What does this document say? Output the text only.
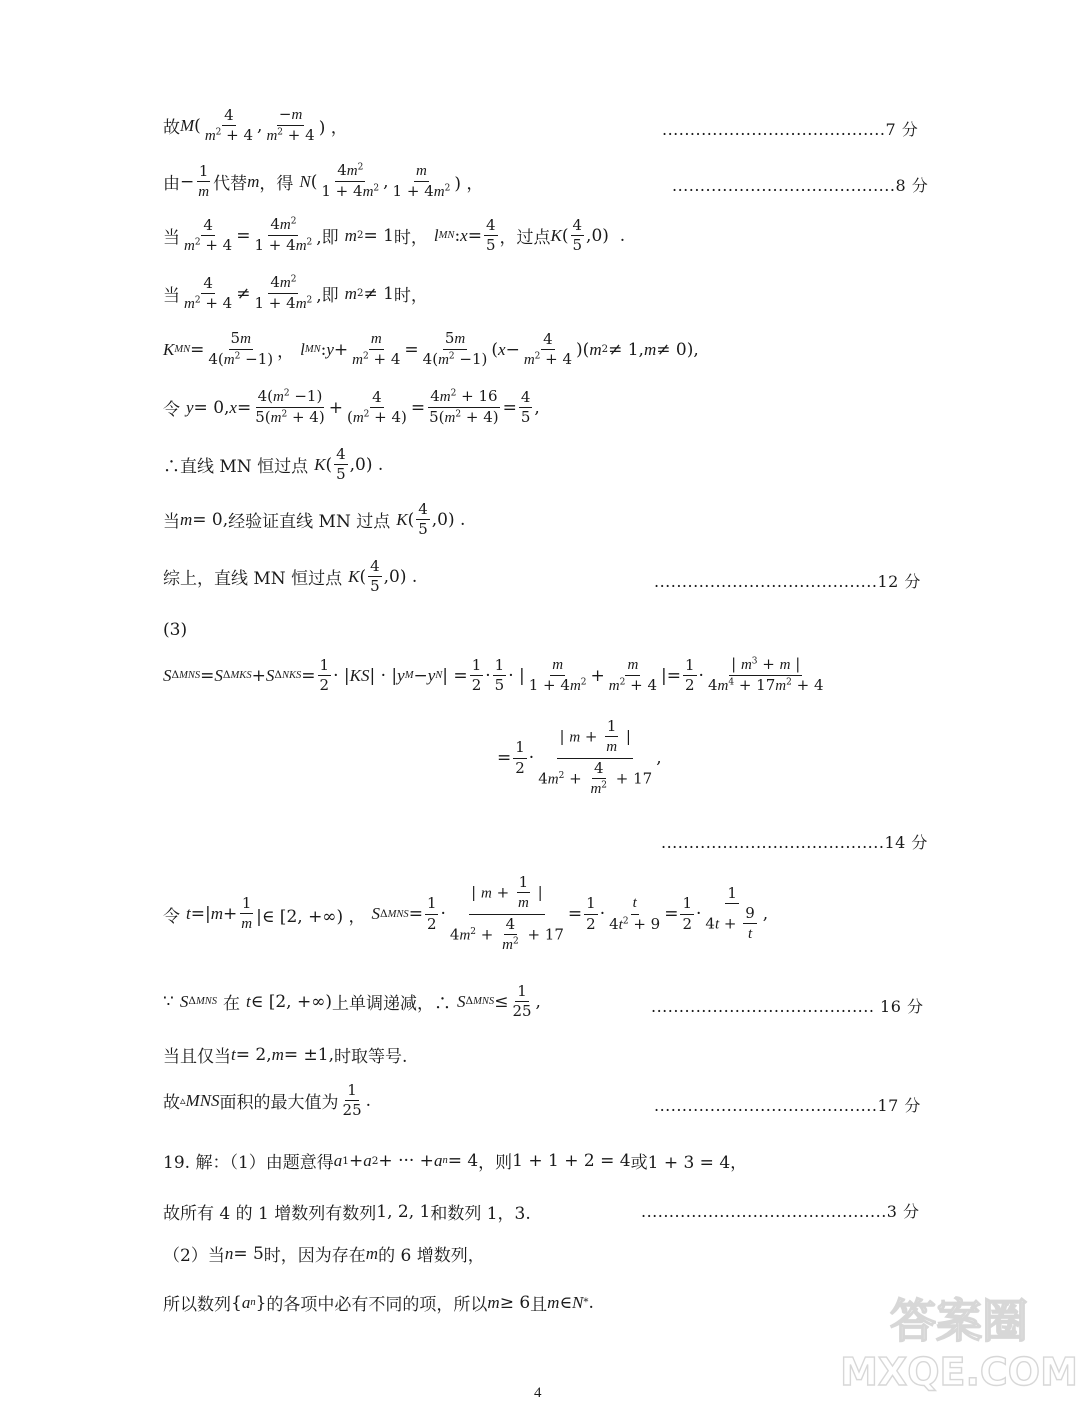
故 M ( $\frac{4}{m^2 + 4}$ , $\frac{-m}{m^2 + 4}$ ) ，	........................................7 分
由 − $\frac{1}{m}$ 代替 m ，得 N ( $\frac{4m^2}{1 + 4m^2}$ , $\frac{m}{1 + 4m^2}$ ) ，	........................................8 分
当 $\frac{4}{m^2 + 4} = \frac{4m^2}{1 + 4m^2}$ ,即 m 2 = 1 时， l MN : $x = \frac{4}{5}$ ，过点 K ( $\frac{4}{5} ,0$)  .
当 $\frac{4}{m^2 + 4} \ne \frac{4m^2}{1 + 4m^2}$ ,即 m 2 ≠ 1 时，
K MN = $\frac{5m}{4(m^2 -1)}$ ， l MN : $y + \frac{m}{m^2 + 4} = \frac{5m}{4(m^2 -1)}$ ( $x - \frac{4}{m^2 + 4}$ )( m 2 ≠ 1, m ≠ 0),
令 y = 0, $x = \frac{4(m^2 -1)}{5(m^2 + 4)} + \frac{4}{(m^2 + 4)} = \frac{4m^2 + 16}{5(m^2 + 4)} = \frac{4}{5}$ ,
∴直线 MN 恒过点 K ( $\frac{4}{5} ,0$) .
当 m = 0, 经验证直线 MN 过点 K ( $\frac{4}{5} ,0$) .
综上，直线 MN 恒过点 K ( $\frac{4}{5} ,0$) .	........................................12 分
(3)
S ΔMNS = S ΔMKS + S $\Delta NKS = \frac{1}{2}$ · | KS | · | y M − y N | = $\frac{1}{2} \cdot \frac{1}{5}$ · | $\frac{m}{1 + 4m^2} + \frac{m}{m^2 + 4}$ |= $\frac{1}{2} \cdot \frac{| m^3 + m |}{4m^4 + 17m^2 + 4}$
= $\frac{1}{2} \cdot \frac{| m + \frac{1}{m} |}{4m^2 + \frac{4}{m^2} + 17}$ ,
........................................14 分
令 t =| $m + \frac{1}{m}$ |∈ [2, +∞) ， S $\Delta MNS = \frac{1}{2} \cdot \frac{| m + \frac{1}{m} |}{4m^2 + \frac{4}{m^2} + 17} = \frac{1}{2} \cdot \frac{t}{4t^2 + 9} = \frac{1}{2} \cdot \frac{1}{4t + \frac{9}{t}}$ ,
∵ S ΔMNS 在 t ∈ [2, +∞) 上单调递减，∴ S $\Delta MNS \le \frac{1}{25}$ ,	........................................ 16 分
当且仅当 t = 2, m = ±1, 时取等号.
故 ▵ MNS 面积的最大值为 $\frac{1}{25}$ .	........................................17 分
19. 解：（1）由题意得 a 1 + a 2 + ··· + a n = 4 ，则 1 + 1 + 2 = 4 或 1 + 3 = 4，
故所有 4 的 1 增数列有数列 1, 2, 1 和数列 1，3.	............................................3 分
（2）当 n = 5 时，因为存在 m 的 6 增数列，
所以数列 { a n } 的各项中必有不同的项，所以 m ≥ 6 且 m ∈ N * .	答案圈
MXQE.COM
4
